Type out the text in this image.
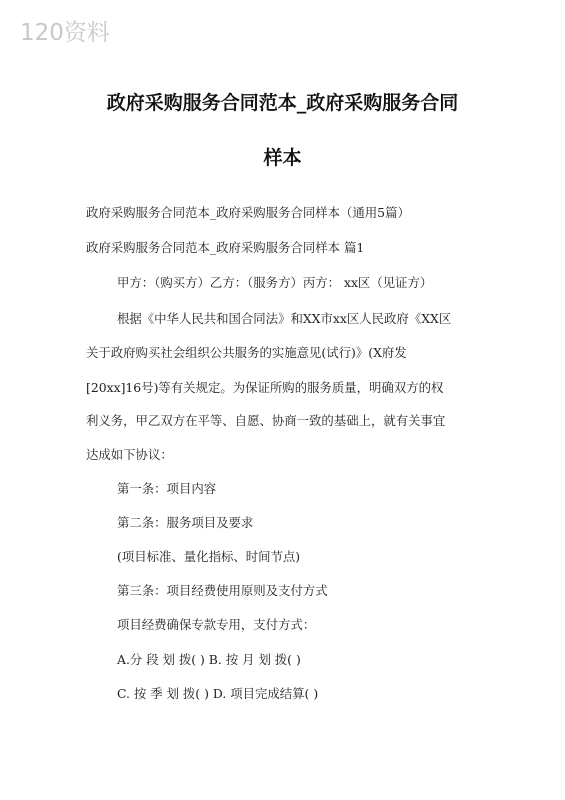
120资料
政府采购服务合同范本_政府采购服务合同
样本
政府采购服务合同范本_政府采购服务合同样本（通用5篇）
政府采购服务合同范本_政府采购服务合同样本 篇1
甲方：（购买方）乙方：（服务方）丙方： xx区（见证方）
根据《中华人民共和国合同法》和XX市xx区人民政府《XX区
关于政府购买社会组织公共服务的实施意见(试行)》(X府发
[20xx]16号)等有关规定。为保证所购的服务质量，明确双方的权
利义务，甲乙双方在平等、自愿、协商一致的基础上，就有关事宜
达成如下协议：
第一条：项目内容
第二条：服务项目及要求
(项目标准、量化指标、时间节点)
第三条：项目经费使用原则及支付方式
项目经费确保专款专用，支付方式：
A.分 段 划 拨( ) B. 按 月 划 拨( )
C. 按 季 划 拨( ) D. 项目完成结算( )
